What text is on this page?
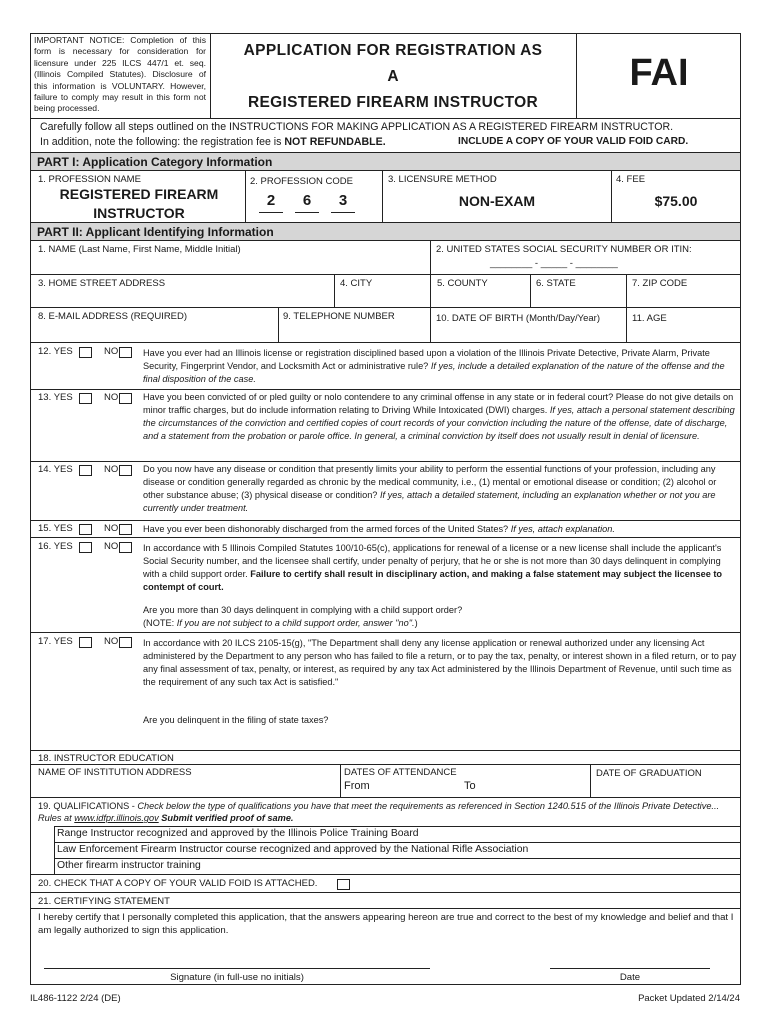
IMPORTANT NOTICE: Completion of this form is necessary for consideration for licensure under 225 ILCS 447/1 et. seq. (Illinois Compiled Statutes). Disclosure of this information is VOLUNTARY. However, failure to comply may result in this form not being processed.
APPLICATION FOR REGISTRATION AS
A
REGISTERED FIREARM INSTRUCTOR
FAI
Carefully follow all steps outlined on the INSTRUCTIONS FOR MAKING APPLICATION AS A REGISTERED FIREARM INSTRUCTOR.
In addition, note the following: the registration fee is NOT REFUNDABLE.	INCLUDE A COPY OF YOUR VALID FOID CARD.
PART I: Application Category Information
1. PROFESSION NAME
REGISTERED FIREARM
INSTRUCTOR
2. PROFESSION CODE
2	6	3
3. LICENSURE METHOD
NON-EXAM
4. FEE
$75.00
PART II: Applicant Identifying Information
1. NAME (Last Name, First Name, Middle Initial)	2. UNITED STATES SOCIAL SECURITY NUMBER OR ITIN:
________ - _____ - ________
3. HOME STREET ADDRESS	4. CITY	5. COUNTY	6. STATE	7. ZIP CODE
8. E-MAIL ADDRESS (REQUIRED)	9. TELEPHONE NUMBER	10. DATE OF BIRTH (Month/Day/Year)	11. AGE
12. YES	NO	Have you ever had an Illinois license or registration disciplined based upon a violation of the Illinois Private Detective, Private Alarm, Private Security, Fingerprint Vendor, and Locksmith Act or administrative rule? If yes, include a detailed explanation of the nature of the offense and the final disposition of the case.
13. YES	NO	Have you been convicted of or pled guilty or nolo contendere to any criminal offense in any state or in federal court? Please do not give details on minor traffic charges, but do include information relating to Driving While Intoxicated (DWI) charges. If yes, attach a personal statement describing the circumstances of the conviction and certified copies of court records of your conviction including the nature of the offense, date of discharge, and a statement from the probation or parole office. In general, a criminal conviction by itself does not usually result in denial of licensure.
14. YES	NO	Do you now have any disease or condition that presently limits your ability to perform the essential functions of your profession, including any disease or condition generally regarded as chronic by the medical community, i.e., (1) mental or emotional disease or condition; (2) alcohol or other substance abuse; (3) physical disease or condition? If yes, attach a detailed statement, including an explanation whether or not you are currently under treatment.
15. YES	NO	Have you ever been dishonorably discharged from the armed forces of the United States? If yes, attach explanation.
16. YES	NO	In accordance with 5 Illinois Compiled Statutes 100/10-65(c), applications for renewal of a license or a new license shall include the applicant's Social Security number, and the licensee shall certify, under penalty of perjury, that he or she is not more than 30 days delinquent in complying with a child support order. Failure to certify shall result in disciplinary action, and making a false statement may subject the licensee to contempt of court.
Are you more than 30 days delinquent in complying with a child support order?
(NOTE: If you are not subject to a child support order, answer "no".)
17. YES	NO	In accordance with 20 ILCS 2105-15(g), "The Department shall deny any license application or renewal authorized under any licensing Act administered by the Department to any person who has failed to file a return, or to pay the tax, penalty, or interest shown in a filed return, or to pay any final assessment of tax, penalty, or interest, as required by any tax Act administered by the Illinois Department of Revenue, until such time as the requirement of any such tax Act is satisfied."
Are you delinquent in the filing of state taxes?
18. INSTRUCTOR EDUCATION
NAME OF INSTITUTION ADDRESS	DATES OF ATTENDANCE
From	To
DATE OF GRADUATION
19. QUALIFICATIONS - Check below the type of qualifications you have that meet the requirements as referenced in Section 1240.515 of the Illinois Private Detective... Rules at www.idfpr.illinois.gov Submit verified proof of same.
Range Instructor recognized and approved by the Illinois Police Training Board
Law Enforcement Firearm Instructor course recognized and approved by the National Rifle Association
Other firearm instructor training
20. CHECK THAT A COPY OF YOUR VALID FOID IS ATTACHED.
21. CERTIFYING STATEMENT
I hereby certify that I personally completed this application, that the answers appearing hereon are true and correct to the best of my knowledge and belief and that I am legally authorized to sign this application.
Signature (in full-use no initials)	Date
IL486-1122 2/24 (DE)	Packet Updated 2/14/24
